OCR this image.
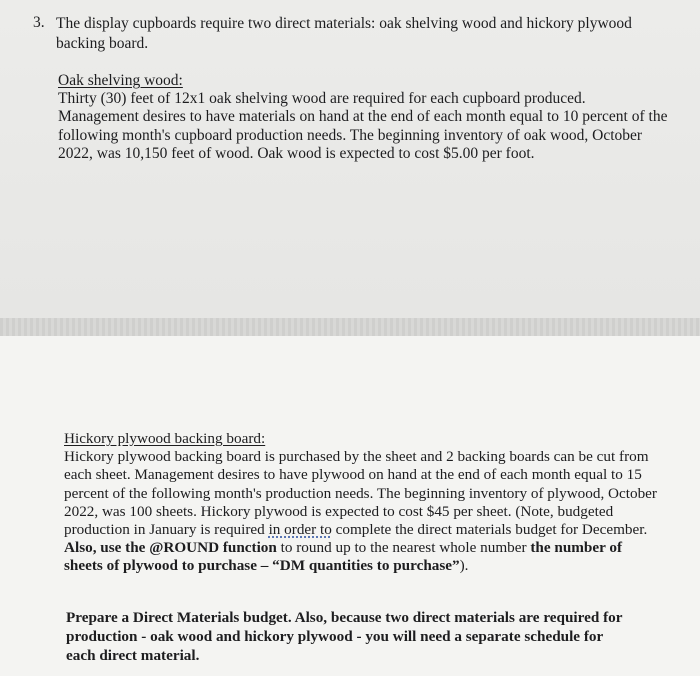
3. The display cupboards require two direct materials: oak shelving wood and hickory plywood backing board.
Oak shelving wood:
Thirty (30) feet of 12x1 oak shelving wood are required for each cupboard produced. Management desires to have materials on hand at the end of each month equal to 10 percent of the following month's cupboard production needs. The beginning inventory of oak wood, October 2022, was 10,150 feet of wood. Oak wood is expected to cost $5.00 per foot.
Hickory plywood backing board:
Hickory plywood backing board is purchased by the sheet and 2 backing boards can be cut from each sheet. Management desires to have plywood on hand at the end of each month equal to 15 percent of the following month's production needs. The beginning inventory of plywood, October 2022, was 100 sheets. Hickory plywood is expected to cost $45 per sheet. (Note, budgeted production in January is required in order to complete the direct materials budget for December. Also, use the @ROUND function to round up to the nearest whole number the number of sheets of plywood to purchase – “DM quantities to purchase”).
Prepare a Direct Materials budget. Also, because two direct materials are required for production - oak wood and hickory plywood - you will need a separate schedule for each direct material.
